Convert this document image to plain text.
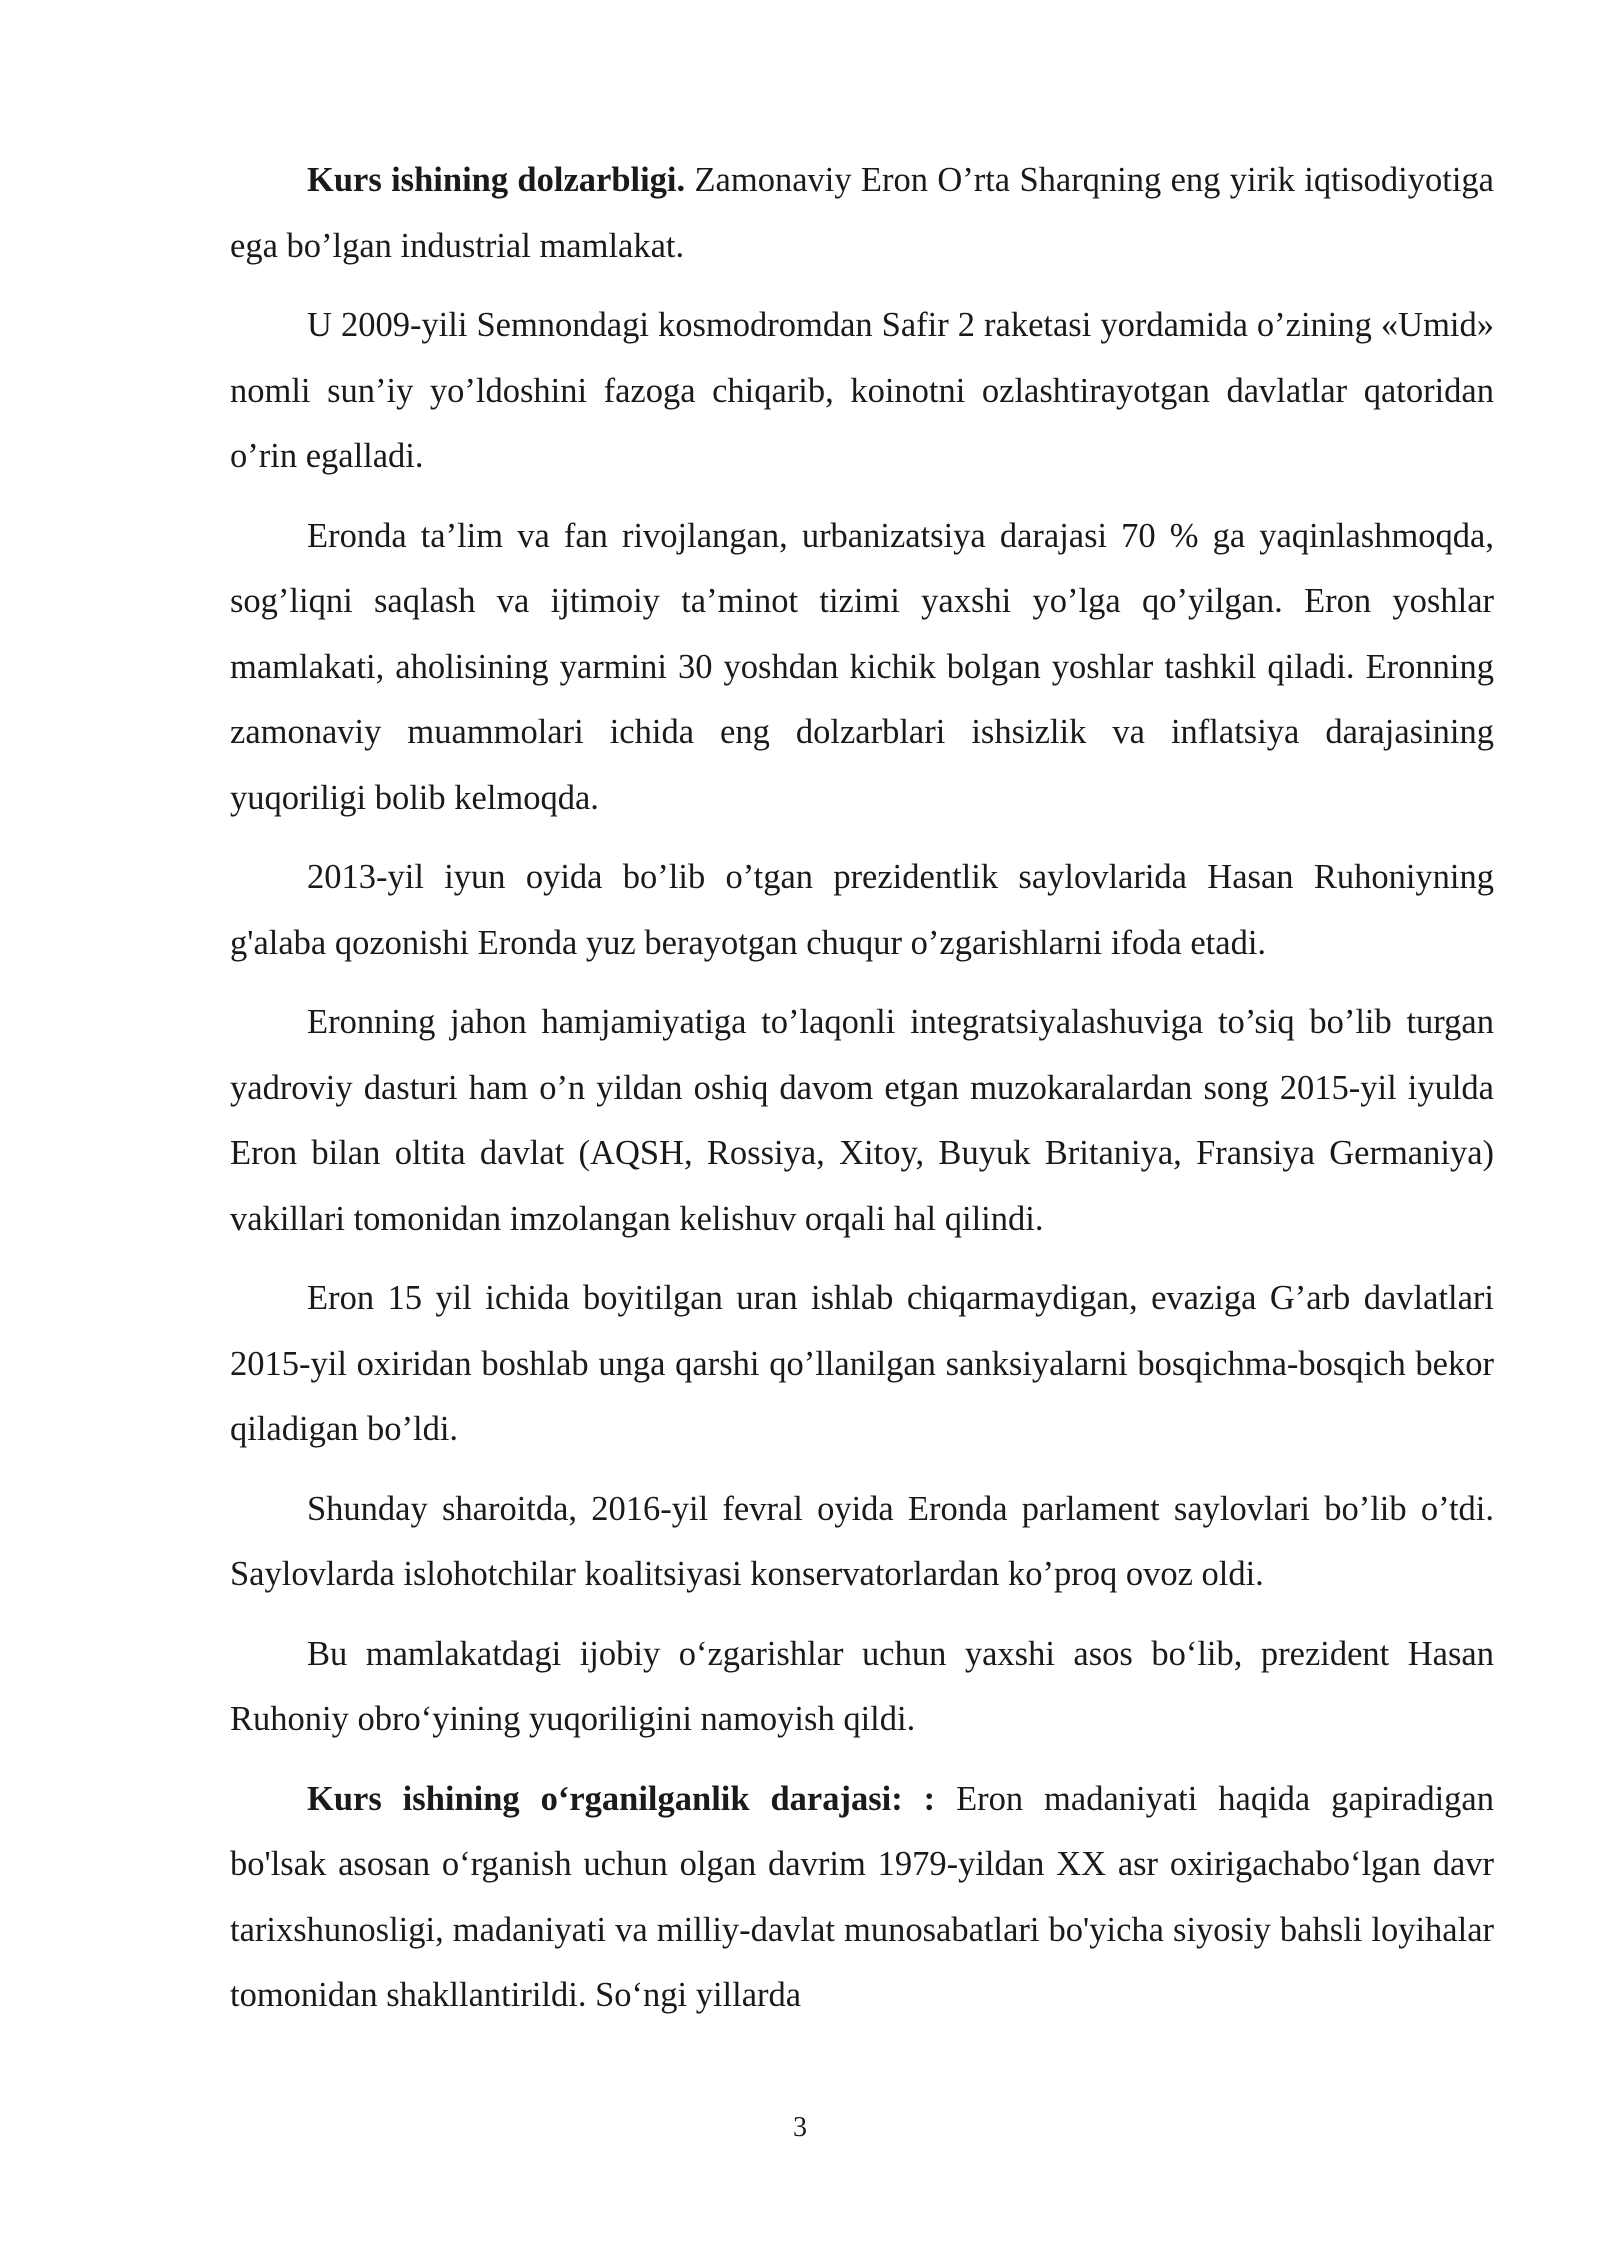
Kurs ishining dolzarbligi. Zamonaviy Eron O’rta Sharqning eng yirik iqtisodiyotiga ega bo’lgan industrial mamlakat.

U 2009-yili Semnondagi kosmodromdan Safir 2 raketasi yordamida o’zining «Umid» nomli sun’iy yo’ldoshini fazoga chiqarib, koinotni ozlashtirayotgan davlatlar qatoridan o’rin egalladi.

Eronda ta’lim va fan rivojlangan, urbanizatsiya darajasi 70 % ga yaqinlashmoqda, sog’liqni saqlash va ijtimoiy ta’minot tizimi yaxshi yo’lga qo’yilgan. Eron yoshlar mamlakati, aholisining yarmini 30 yoshdan kichik bolgan yoshlar tashkil qiladi. Eronning zamonaviy muammolari ichida eng dolzarblari ishsizlik va inflatsiya darajasining yuqoriligi bolib kelmoqda.

2013-yil iyun oyida bo’lib o’tgan prezidentlik saylovlarida Hasan Ruhoniyning g'alaba qozonishi Eronda yuz berayotgan chuqur o’zgarishlarni ifoda etadi.

Eronning jahon hamjamiyatiga to’laqonli integratsiyalashuviga to’siq bo’lib turgan yadroviy dasturi ham o’n yildan oshiq davom etgan muzokaralardan song 2015-yil iyulda Eron bilan oltita davlat (AQSH, Rossiya, Xitoy, Buyuk Britaniya, Fransiya Germaniya) vakillari tomonidan imzolangan kelishuv orqali hal qilindi.

Eron 15 yil ichida boyitilgan uran ishlab chiqarmaydigan, evaziga G’arb davlatlari 2015-yil oxiridan boshlab unga qarshi qo’llanilgan sanksiyalarni bosqichma-bosqich bekor qiladigan bo’ldi.

Shunday sharoitda, 2016-yil fevral oyida Eronda parlament saylovlari bo’lib o’tdi. Saylovlarda islohotchilar koalitsiyasi konservatorlardan ko’proq ovoz oldi.

Bu mamlakatdagi ijobiy o‘zgarishlar uchun yaxshi asos bo‘lib, prezident Hasan Ruhoniy obro‘yining yuqoriligini namoyish qildi.

Kurs ishining o‘rganilganlik darajasi: : Eron madaniyati haqida gapiradigan bo'lsak asosan o‘rganish uchun olgan davrim 1979-yildan XX asr oxirigachabo‘lgan davr tarixshunosligi, madaniyati va milliy-davlat munosabatlari bo'yicha siyosiy bahsli loyihalar tomonidan shakllantirildi. So‘ngi yillarda

3
